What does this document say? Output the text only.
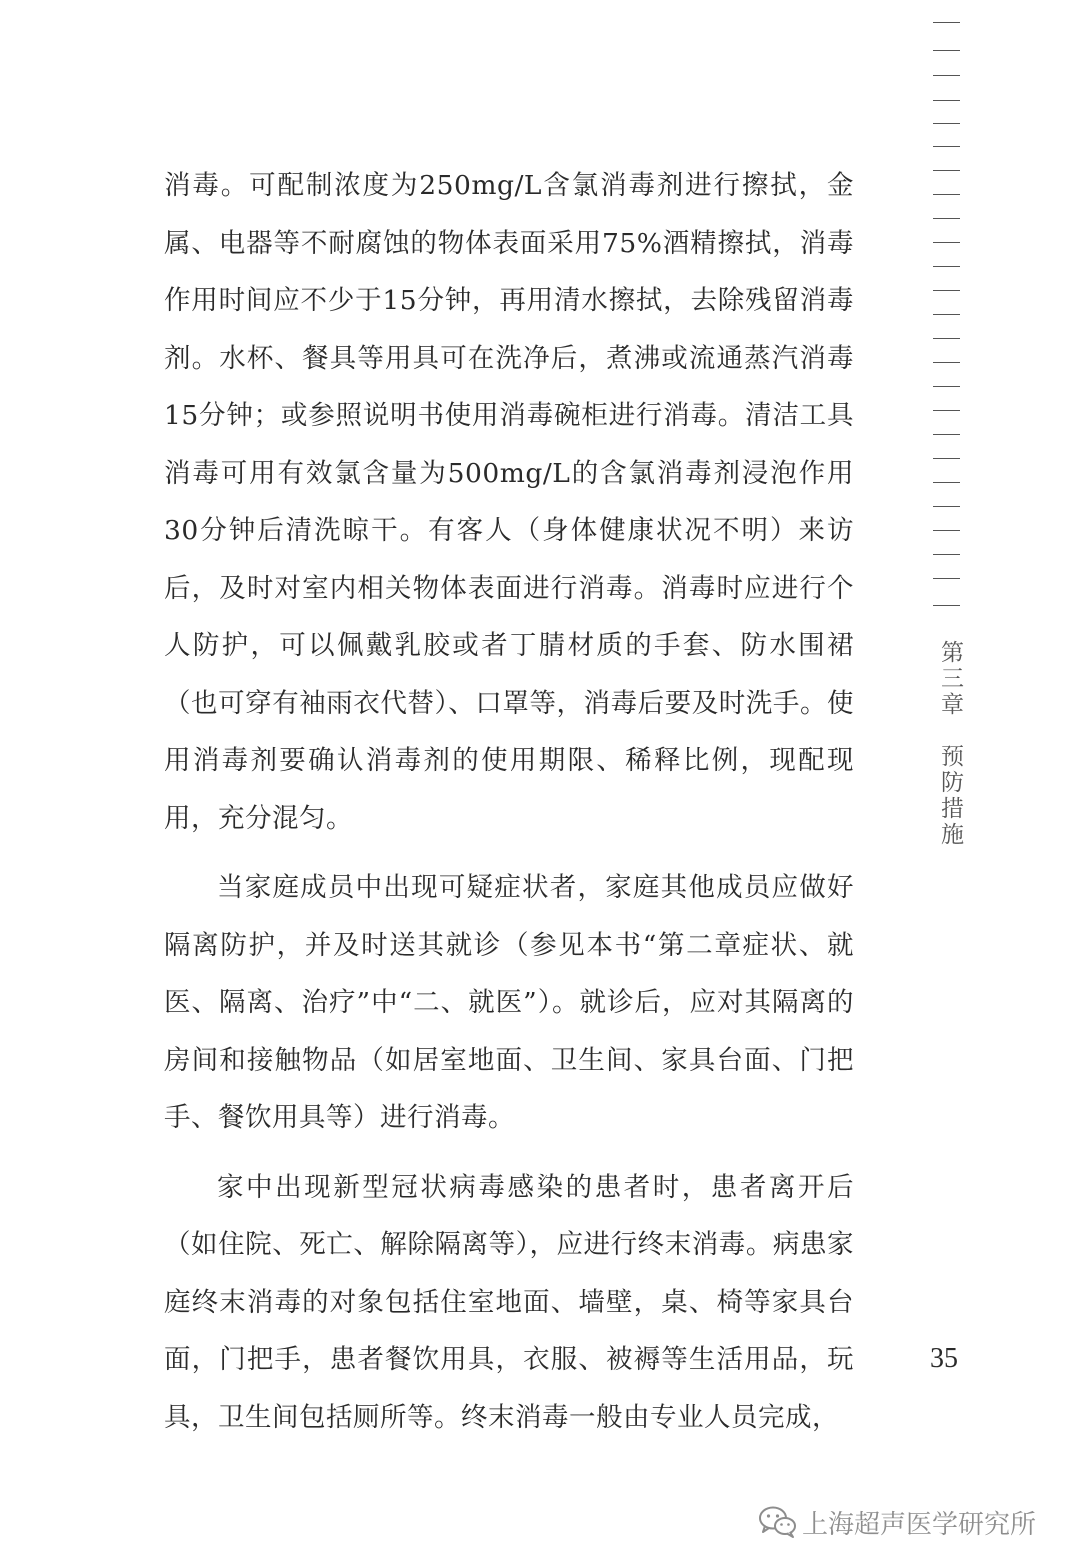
消毒。可配制浓度为250mg/L含氯消毒剂进行擦拭，金属、电器等不耐腐蚀的物体表面采用75%酒精擦拭，消毒作用时间应不少于15分钟，再用清水擦拭，去除残留消毒剂。水杯、餐具等用具可在洗净后，煮沸或流通蒸汽消毒15分钟；或参照说明书使用消毒碗柜进行消毒。清洁工具消毒可用有效氯含量为500mg/L的含氯消毒剂浸泡作用30分钟后清洗晾干。有客人（身体健康状况不明）来访后，及时对室内相关物体表面进行消毒。消毒时应进行个人防护，可以佩戴乳胶或者丁腈材质的手套、防水围裙（也可穿有袖雨衣代替）、口罩等，消毒后要及时洗手。使用消毒剂要确认消毒剂的使用期限、稀释比例，现配现用，充分混匀。

当家庭成员中出现可疑症状者，家庭其他成员应做好隔离防护，并及时送其就诊（参见本书“第二章症状、就医、隔离、治疗”中“二、就医”）。就诊后，应对其隔离的房间和接触物品（如居室地面、卫生间、家具台面、门把手、餐饮用具等）进行消毒。

家中出现新型冠状病毒感染的患者时，患者离开后（如住院、死亡、解除隔离等），应进行终末消毒。病患家庭终末消毒的对象包括住室地面、墙壁，桌、椅等家具台面，门把手，患者餐饮用具，衣服、被褥等生活用品，玩具，卫生间包括厕所等。终末消毒一般由专业人员完成，

第三章　预防措施
35
上海超声医学研究所
